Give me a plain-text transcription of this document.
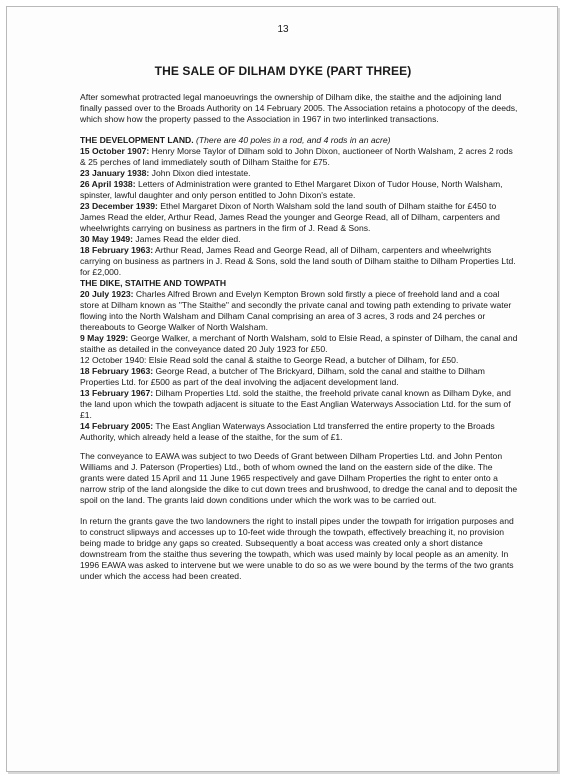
13
THE SALE OF DILHAM DYKE (PART THREE)

After somewhat protracted legal manoeuvrings the ownership of Dilham dike, the staithe and the adjoining land finally passed over to the Broads Authority on 14 February 2005. The Association retains a photocopy of the deeds, which show how the property passed to the Association in 1967 in two interlinked transactions.

THE DEVELOPMENT LAND. (There are 40 poles in a rod, and 4 rods in an acre)
15 October 1907: Henry Morse Taylor of Dilham sold to John Dixon, auctioneer of North Walsham, 2 acres 2 rods & 25 perches of land immediately south of Dilham Staithe for £75.
23 January 1938: John Dixon died intestate.
26 April 1938: Letters of Administration were granted to Ethel Margaret Dixon of Tudor House, North Walsham, spinster, lawful daughter and only person entitled to John Dixon's estate.
23 December 1939: Ethel Margaret Dixon of North Walsham sold the land south of Dilham staithe for £450 to James Read the elder, Arthur Read, James Read the younger and George Read, all of Dilham, carpenters and wheelwrights carrying on business as partners in the firm of J. Read & Sons.
30 May 1949: James Read the elder died.
18 February 1963: Arthur Read, James Read and George Read, all of Dilham, carpenters and wheelwrights carrying on business as partners in J. Read & Sons, sold the land south of Dilham staithe to Dilham Properties Ltd. for £2,000.
THE DIKE, STAITHE AND TOWPATH
20 July 1923: Charles Alfred Brown and Evelyn Kempton Brown sold firstly a piece of freehold land and a coal store at Dilham known as "The Staithe" and secondly the private canal and towing path extending to private water flowing into the North Walsham and Dilham Canal comprising an area of 3 acres, 3 rods and 24 perches or thereabouts to George Walker of North Walsham.
9 May 1929: George Walker, a merchant of North Walsham, sold to Elsie Read, a spinster of Dilham, the canal and staithe as detailed in the conveyance dated 20 July 1923 for £50.
12 October 1940: Elsie Read sold the canal & staithe to George Read, a butcher of Dilham, for £50.
18 February 1963: George Read, a butcher of The Brickyard, Dilham, sold the canal and staithe to Dilham Properties Ltd. for £500 as part of the deal involving the adjacent development land.
13 February 1967: Dilham Properties Ltd. sold the staithe, the freehold private canal known as Dilham Dyke, and the land upon which the towpath adjacent is situate to the East Anglian Waterways Association Ltd. for the sum of £1.
14 February 2005: The East Anglian Waterways Association Ltd transferred the entire property to the Broads Authority, which already held a lease of the staithe, for the sum of £1.

The conveyance to EAWA was subject to two Deeds of Grant between Dilham Properties Ltd. and John Penton Williams and J. Paterson (Properties) Ltd., both of whom owned the land on the eastern side of the dike. The grants were dated 15 April and 11 June 1965 respectively and gave Dilham Properties the right to enter onto a narrow strip of the land alongside the dike to cut down trees and brushwood, to dredge the canal and to deposit the spoil on the land. The grants laid down conditions under which the work was to be carried out.

In return the grants gave the two landowners the right to install pipes under the towpath for irrigation purposes and to construct slipways and accesses up to 10-feet wide through the towpath, effectively breaching it, no provision being made to bridge any gaps so created. Subsequently a boat access was created only a short distance downstream from the staithe thus severing the towpath, which was used mainly by local people as an amenity. In 1996 EAWA was asked to intervene but we were unable to do so as we were bound by the terms of the two grants under which the access had been created.
